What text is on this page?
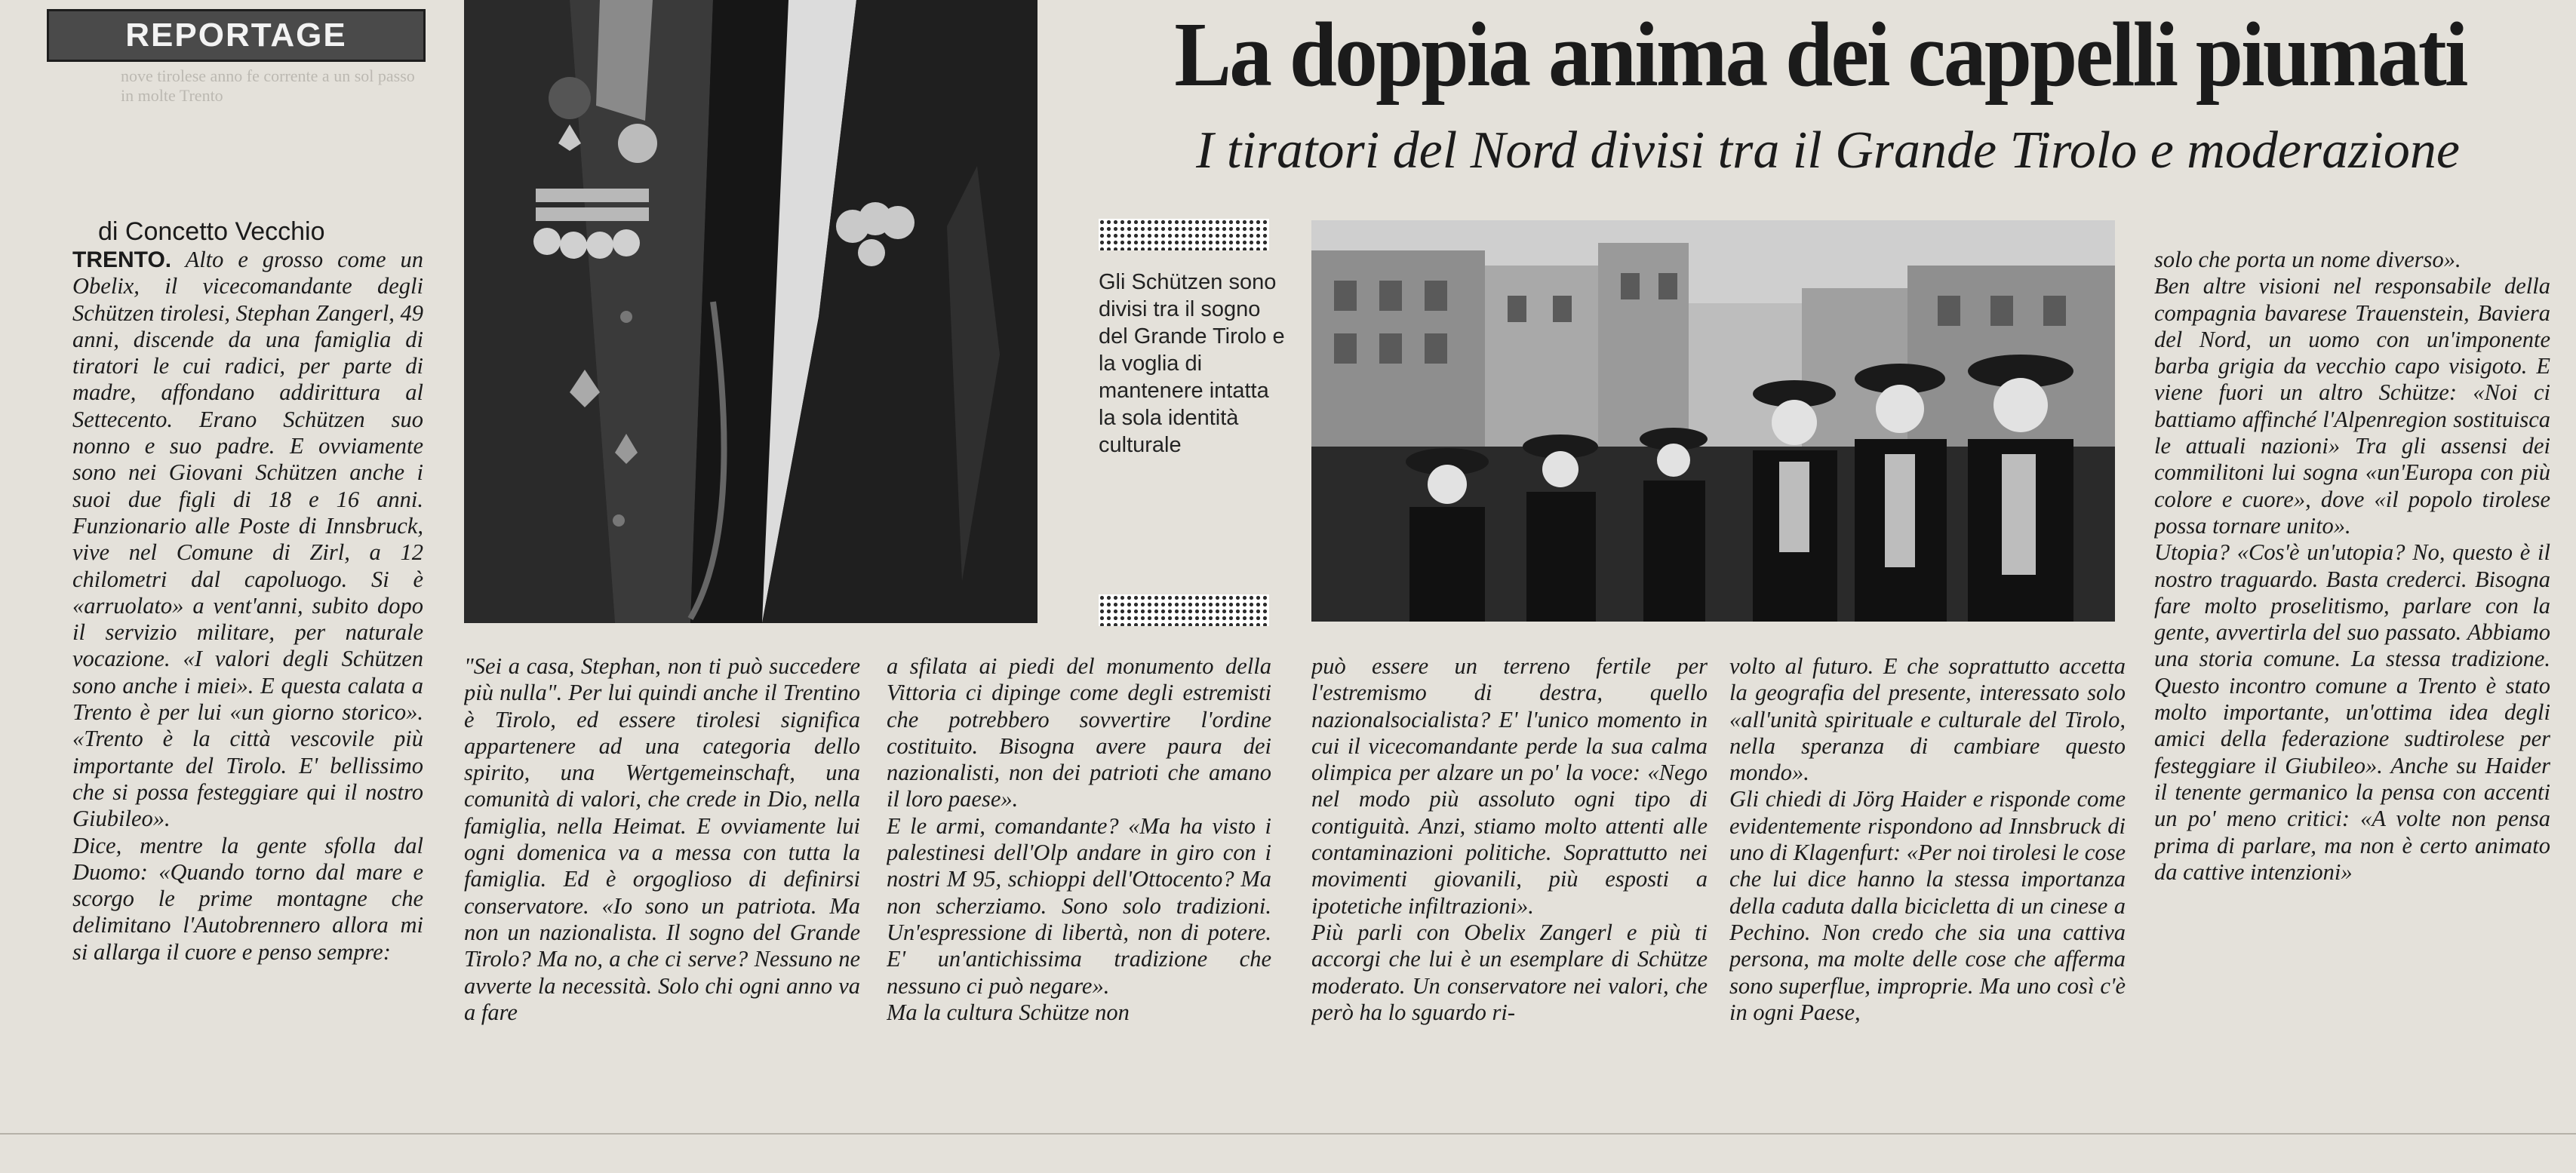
REPORTAGE
nove tirolese anno fe corrente a un sol passo in molte Trento	La doppia anima dei cappelli piumati
I tiratori del Nord divisi tra il Grande Tirolo e moderazione
Gli Schützen sono divisi tra il sogno del Grande Tirolo e la voglia di mantenere intatta la sola identità culturale
di Concetto Vecchio
TRENTO. Alto e grosso come un Obelix, il vicecomandante degli Schützen tirolesi, Stephan Zangerl, 49 anni, discende da una famiglia di tiratori le cui radici, per parte di madre, affondano addirittura al Settecento. Erano Schützen suo nonno e suo padre. E ovviamente sono nei Giovani Schützen anche i suoi due figli di 18 e 16 anni. Funzionario alle Poste di Innsbruck, vive nel Comune di Zirl, a 12 chilometri dal capoluogo. Si è «arruolato» a vent'anni, subito dopo il servizio militare, per naturale vocazione. «I valori degli Schützen sono anche i miei». E questa calata a Trento è per lui «un giorno storico». «Trento è la città vescovile più importante del Tirolo. E' bellissimo che si possa festeggiare qui il nostro Giubileo».
Dice, mentre la gente sfolla dal Duomo: «Quando torno dal mare e scorgo le prime montagne che delimitano l'Autobrennero allora mi si allarga il cuore e penso sempre:
"Sei a casa, Stephan, non ti può succedere più nulla". Per lui quindi anche il Trentino è Tirolo, ed essere tirolesi significa appartenere ad una categoria dello spirito, una Wertgemeinschaft, una comunità di valori, che crede in Dio, nella famiglia, nella Heimat. E ovviamente lui ogni domenica va a messa con tutta la famiglia. Ed è orgoglioso di definirsi conservatore. «Io sono un patriota. Ma non un nazionalista. Il sogno del Grande Tirolo? Ma no, a che ci serve? Nessuno ne avverte la necessità. Solo chi ogni anno va a fare
a sfilata ai piedi del monumento della Vittoria ci dipinge come degli estremisti che potrebbero sovvertire l'ordine costituito. Bisogna avere paura dei nazionalisti, non dei patrioti che amano il loro paese».
E le armi, comandante? «Ma ha visto i palestinesi dell'Olp andare in giro con i nostri M 95, schioppi dell'Ottocento? Ma non scherziamo. Sono solo tradizioni. Un'espressione di libertà, non di potere. E' un'antichissima tradizione che nessuno ci può negare».
Ma la cultura Schütze non
può essere un terreno fertile per l'estremismo di destra, quello nazionalsocialista? E' l'unico momento in cui il vicecomandante perde la sua calma olimpica per alzare un po' la voce: «Nego nel modo più assoluto ogni tipo di contiguità. Anzi, stiamo molto attenti alle contaminazioni politiche. Soprattutto nei movimenti giovanili, più esposti a ipotetiche infiltrazioni».
Più parli con Obelix Zangerl e più ti accorgi che lui è un esemplare di Schütze moderato. Un conservatore nei valori, che però ha lo sguardo ri-
volto al futuro. E che soprattutto accetta la geografia del presente, interessato solo «all'unità spirituale e culturale del Tirolo, nella speranza di cambiare questo mondo».
Gli chiedi di Jörg Haider e risponde come evidentemente rispondono ad Innsbruck di uno di Klagenfurt: «Per noi tirolesi le cose che lui dice hanno la stessa importanza della caduta dalla bicicletta di un cinese a Pechino. Non credo che sia una cattiva persona, ma molte delle cose che afferma sono superflue, improprie. Ma uno così c'è in ogni Paese,
solo che porta un nome diverso».
Ben altre visioni nel responsabile della compagnia bavarese Trauenstein, Baviera del Nord, un uomo con un'imponente barba grigia da vecchio capo visigoto. E viene fuori un altro Schütze: «Noi ci battiamo affinché l'Alpenregion sostituisca le attuali nazioni» Tra gli assensi dei commilitoni lui sogna «un'Europa con più colore e cuore», dove «il popolo tirolese possa tornare unito».
Utopia? «Cos'è un'utopia? No, questo è il nostro traguardo. Basta crederci. Bisogna fare molto proselitismo, parlare con la gente, avvertirla del suo passato. Abbiamo una storia comune. La stessa tradizione. Questo incontro comune a Trento è stato molto importante, un'ottima idea degli amici della federazione sudtirolese per festeggiare il Giubileo». Anche su Haider il tenente germanico la pensa con accenti un po' meno critici: «A volte non pensa prima di parlare, ma non è certo animato da cattive intenzioni»
